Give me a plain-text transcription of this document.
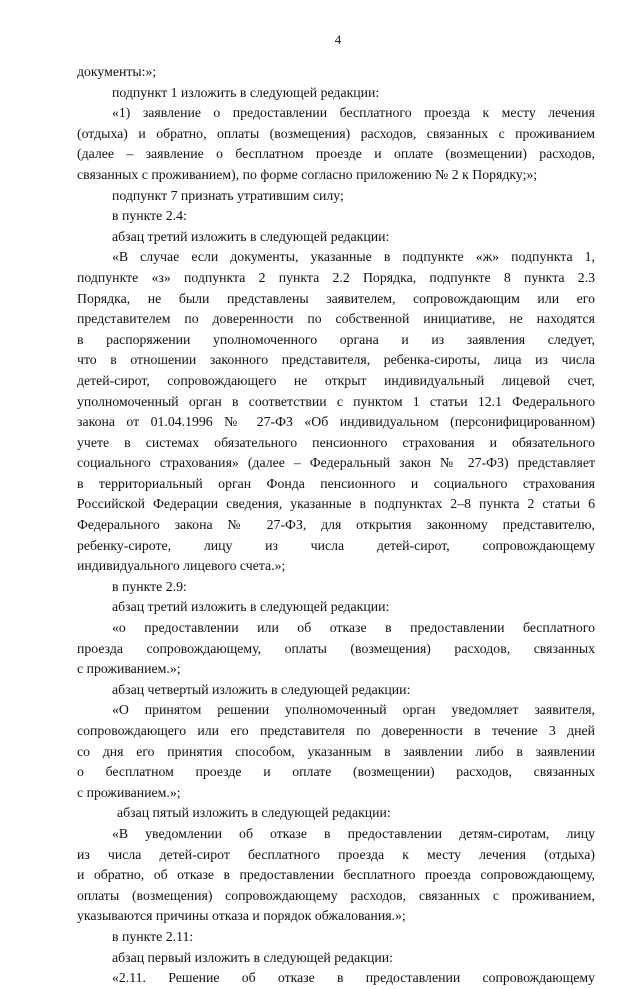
4
документы:»;
подпункт 1 изложить в следующей редакции:
«1) заявление о предоставлении бесплатного проезда к месту лечения
(отдыха) и обратно, оплаты (возмещения) расходов, связанных с проживанием
(далее – заявление о бесплатном проезде и оплате (возмещении) расходов,
связанных с проживанием), по форме согласно приложению № 2 к Порядку;»;
подпункт 7 признать утратившим силу;
в пункте 2.4:
абзац третий изложить в следующей редакции:
«В случае если документы, указанные в подпункте «ж» подпункта 1,
подпункте «з» подпункта 2 пункта 2.2 Порядка, подпункте 8 пункта 2.3
Порядка, не были представлены заявителем, сопровождающим или его
представителем по доверенности по собственной инициативе, не находятся
в распоряжении уполномоченного органа и из заявления следует,
что в отношении законного представителя, ребенка-сироты, лица из числа
детей-сирот, сопровождающего не открыт индивидуальный лицевой счет,
уполномоченный орган в соответствии с пунктом 1 статьи 12.1 Федерального
закона от 01.04.1996 № 27-ФЗ «Об индивидуальном (персонифицированном)
учете в системах обязательного пенсионного страхования и обязательного
социального страхования» (далее – Федеральный закон № 27-ФЗ) представляет
в территориальный орган Фонда пенсионного и социального страхования
Российской Федерации сведения, указанные в подпунктах 2–8 пункта 2 статьи 6
Федерального закона № 27-ФЗ, для открытия законному представителю,
ребенку-сироте, лицу из числа детей-сирот, сопровождающему
индивидуального лицевого счета.»;
в пункте 2.9:
абзац третий изложить в следующей редакции:
«о предоставлении или об отказе в предоставлении бесплатного
проезда сопровождающему, оплаты (возмещения) расходов, связанных
с проживанием.»;
абзац четвертый изложить в следующей редакции:
«О принятом решении уполномоченный орган уведомляет заявителя,
сопровождающего или его представителя по доверенности в течение 3 дней
со дня его принятия способом, указанным в заявлении либо в заявлении
о бесплатном проезде и оплате (возмещении) расходов, связанных
с проживанием.»;
абзац пятый изложить в следующей редакции:
«В уведомлении об отказе в предоставлении детям-сиротам, лицу
из числа детей-сирот бесплатного проезда к месту лечения (отдыха)
и обратно, об отказе в предоставлении бесплатного проезда сопровождающему,
оплаты (возмещения) сопровождающему расходов, связанных с проживанием,
указываются причины отказа и порядок обжалования.»;
в пункте 2.11:
абзац первый изложить в следующей редакции:
«2.11. Решение об отказе в предоставлении сопровождающему
